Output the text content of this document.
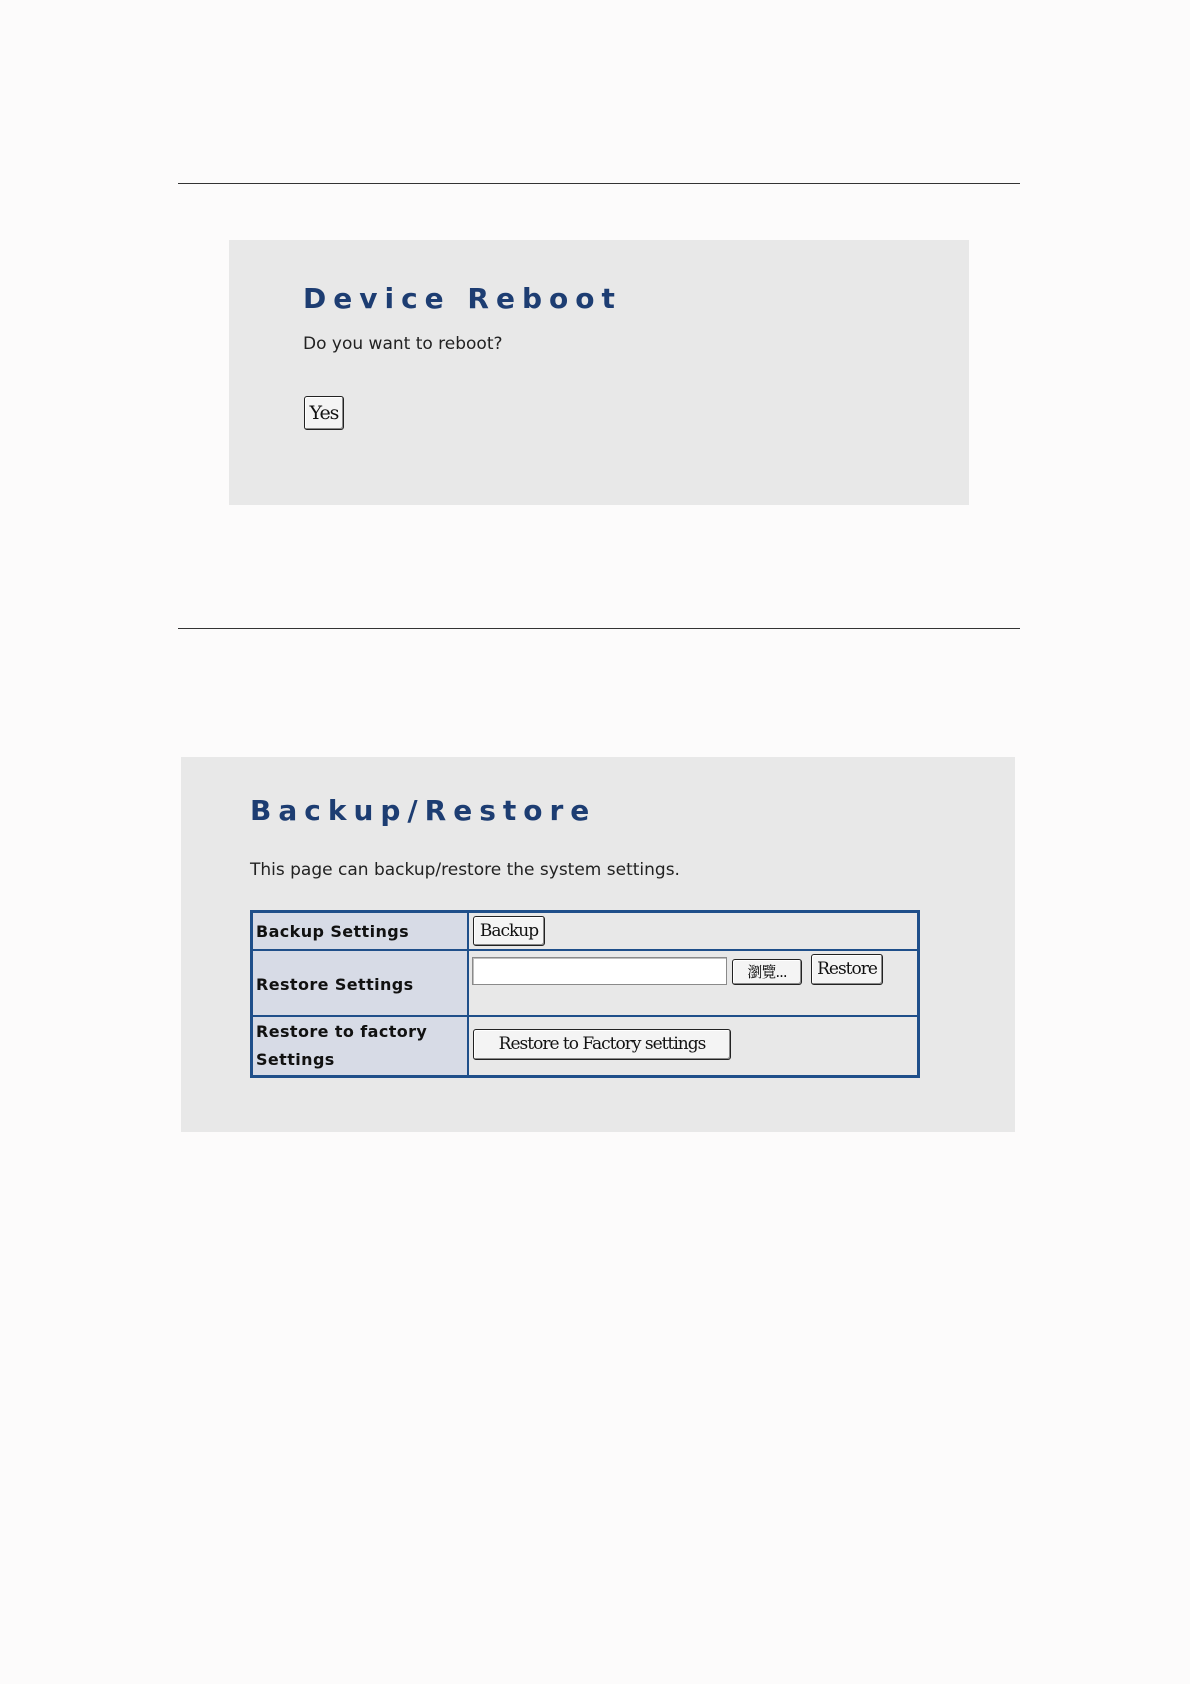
Device Reboot

Do you want to reboot?

Yes
Backup/Restore

This page can backup/restore the system settings.

Backup Settings	Backup
Restore Settings
瀏覽...	Restore
Restore to factory Settings
Restore to Factory settings
